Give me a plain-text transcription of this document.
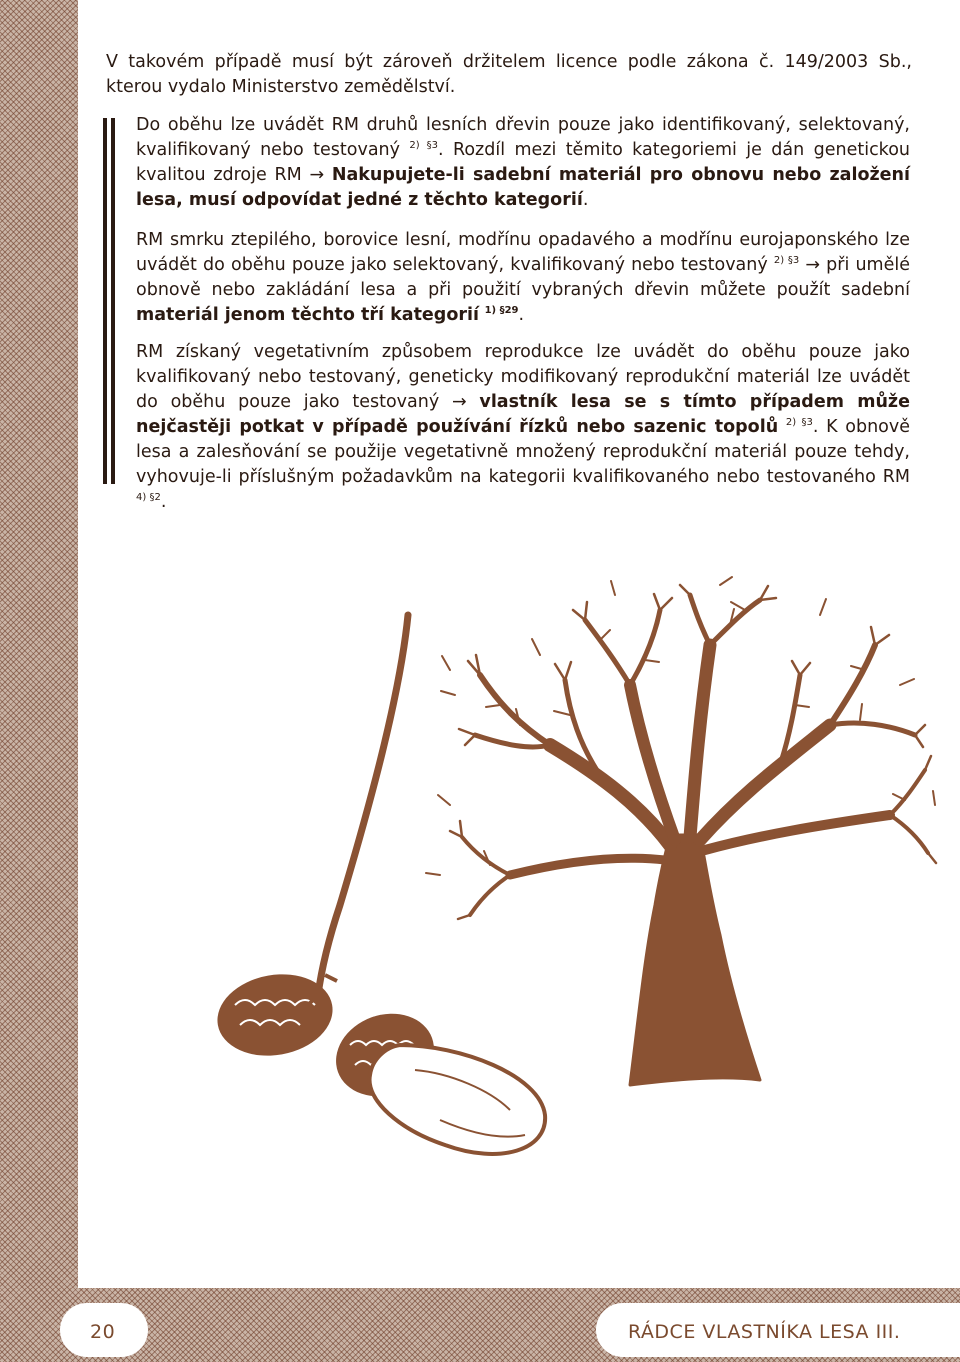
V takovém případě musí být zároveň držitelem licence podle zákona č. 149/2003 Sb., kterou vydalo Ministerstvo zemědělství.

Do oběhu lze uvádět RM druhů lesních dřevin pouze jako identifikovaný, selektovaný, kvalifikovaný nebo testovaný $^{2) \S 3}$. Rozdíl mezi těmito kategoriemi je dán genetickou kvalitou zdroje RM → Nakupujete-li sadební materiál pro obnovu nebo založení lesa, musí odpovídat jedné z těchto kategorií.

RM smrku ztepilého, borovice lesní, modřínu opadavého a modřínu eurojaponského lze uvádět do oběhu pouze jako selektovaný, kvalifikovaný nebo testovaný $^{2) \S 3}$ → při umělé obnově nebo zakládání lesa a při použití vybraných dřevin můžete použít sadební materiál jenom těchto tří kategorií $^{1) \S 29}$.

RM získaný vegetativním způsobem reprodukce lze uvádět do oběhu pouze jako kvalifikovaný nebo testovaný, geneticky modifikovaný reprodukční materiál lze uvádět do oběhu pouze jako testovaný → vlastník lesa se s tímto případem může nejčastěji potkat v případě používání řízků nebo sazenic topolů $^{2) \S 3}$. K obnově lesa a zalesňování se použije vegetativně množený reprodukční materiál pouze tehdy, vyhovuje-li příslušným požadavkům na kategorii kvalifikovaného nebo testovaného RM $^{4) \S 2}$.

20	RÁDCE VLASTNÍKA LESA III.
